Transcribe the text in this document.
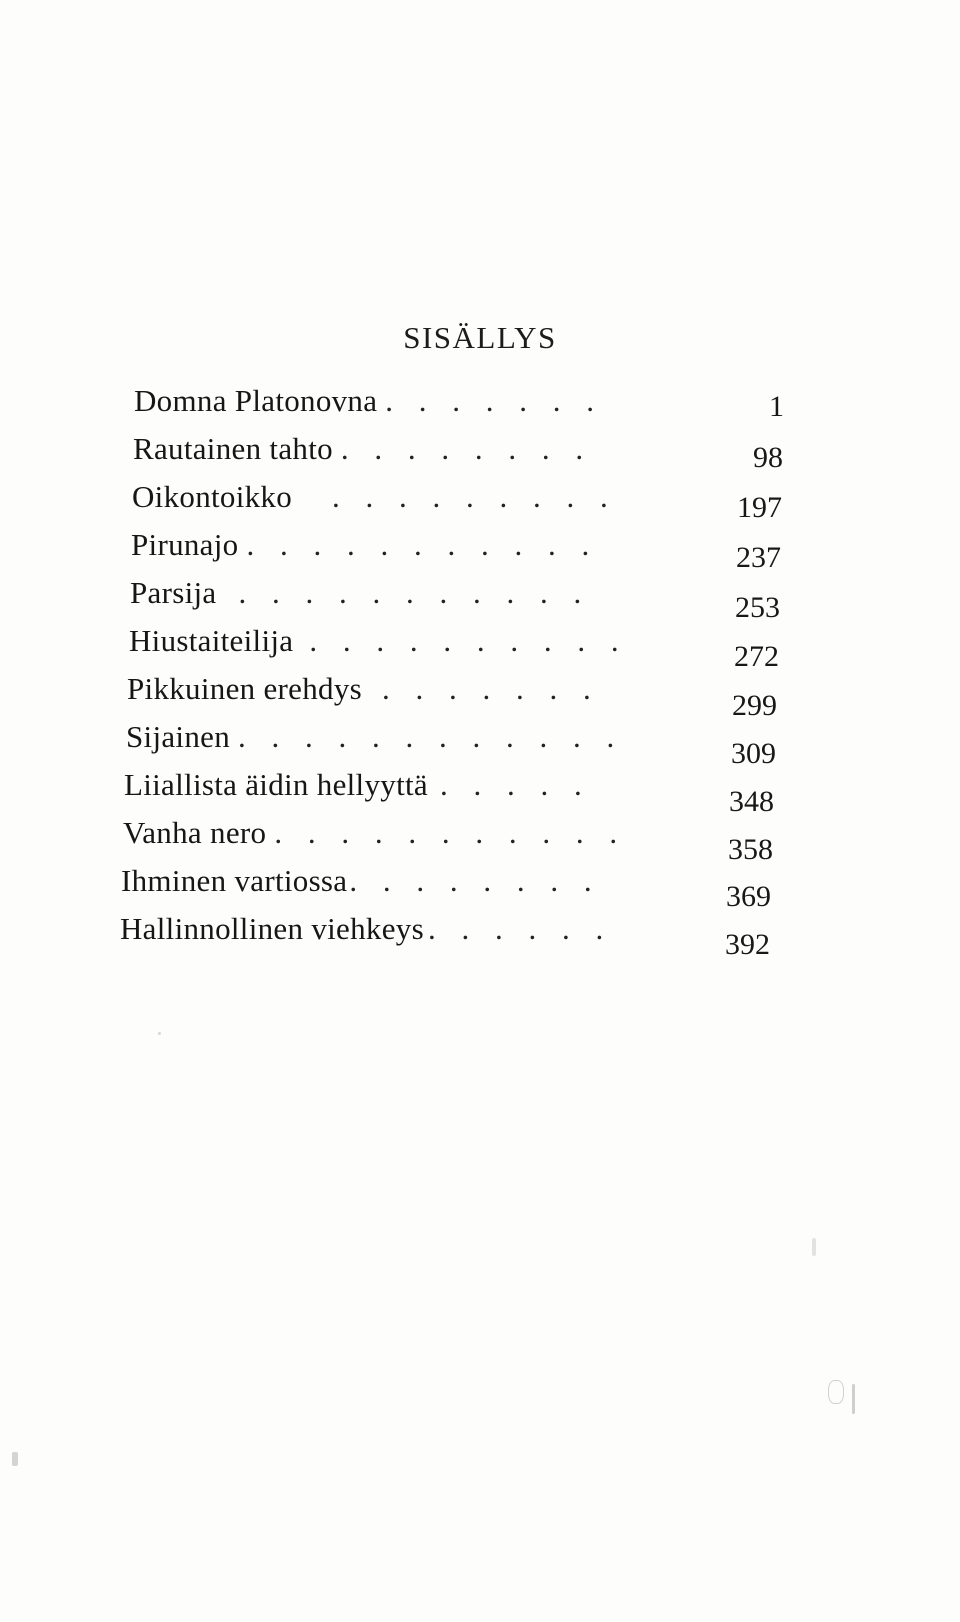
SISÄLLYS
Domna Platonovna . . . . . . .	1
Rautainen tahto . . . . . . . .	98
Oikontoikko . . . . . . . . .	197
Pirunajo . . . . . . . . . . .	237
Parsija . . . . . . . . . . .	253
Hiustaiteilija . . . . . . . . . .	272
Pikkuinen erehdys . . . . . . .	299
Sijainen . . . . . . . . . . . .	309
Liiallista äidin hellyyttä . . . . .	348
Vanha nero . . . . . . . . . . .	358
Ihminen vartiossa. . . . . . . .	369
Hallinnollinen viehkeys . . . . . .	392
